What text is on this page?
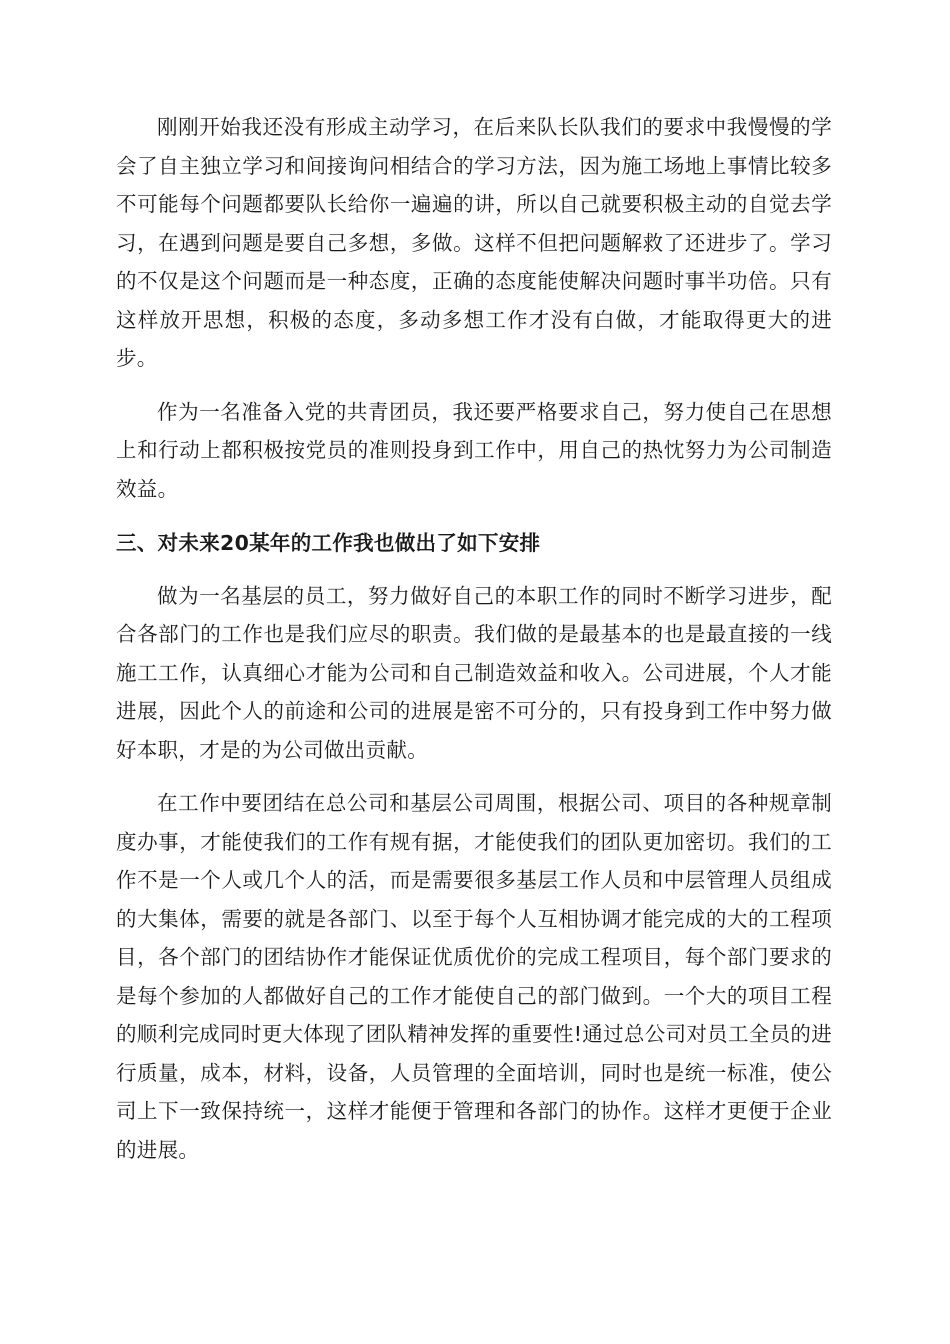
刚刚开始我还没有形成主动学习，在后来队长队我们的要求中我慢慢的学会了自主独立学习和间接询问相结合的学习方法，因为施工场地上事情比较多不可能每个问题都要队长给你一遍遍的讲，所以自己就要积极主动的自觉去学习，在遇到问题是要自己多想，多做。这样不但把问题解救了还进步了。学习的不仅是这个问题而是一种态度，正确的态度能使解决问题时事半功倍。只有这样放开思想，积极的态度，多动多想工作才没有白做，才能取得更大的进步。

作为一名准备入党的共青团员，我还要严格要求自己，努力使自己在思想上和行动上都积极按党员的准则投身到工作中，用自己的热忱努力为公司制造效益。

三、对未来20某年的工作我也做出了如下安排

做为一名基层的员工，努力做好自己的本职工作的同时不断学习进步，配合各部门的工作也是我们应尽的职责。我们做的是最基本的也是最直接的一线施工工作，认真细心才能为公司和自己制造效益和收入。公司进展，个人才能进展，因此个人的前途和公司的进展是密不可分的，只有投身到工作中努力做好本职，才是的为公司做出贡献。

在工作中要团结在总公司和基层公司周围，根据公司、项目的各种规章制度办事，才能使我们的工作有规有据，才能使我们的团队更加密切。我们的工作不是一个人或几个人的活，而是需要很多基层工作人员和中层管理人员组成的大集体，需要的就是各部门、以至于每个人互相协调才能完成的大的工程项目，各个部门的团结协作才能保证优质优价的完成工程项目，每个部门要求的是每个参加的人都做好自己的工作才能使自己的部门做到。一个大的项目工程的顺利完成同时更大体现了团队精神发挥的重要性!通过总公司对员工全员的进行质量，成本，材料，设备，人员管理的全面培训，同时也是统一标准，使公司上下一致保持统一，这样才能便于管理和各部门的协作。这样才更便于企业的进展。
